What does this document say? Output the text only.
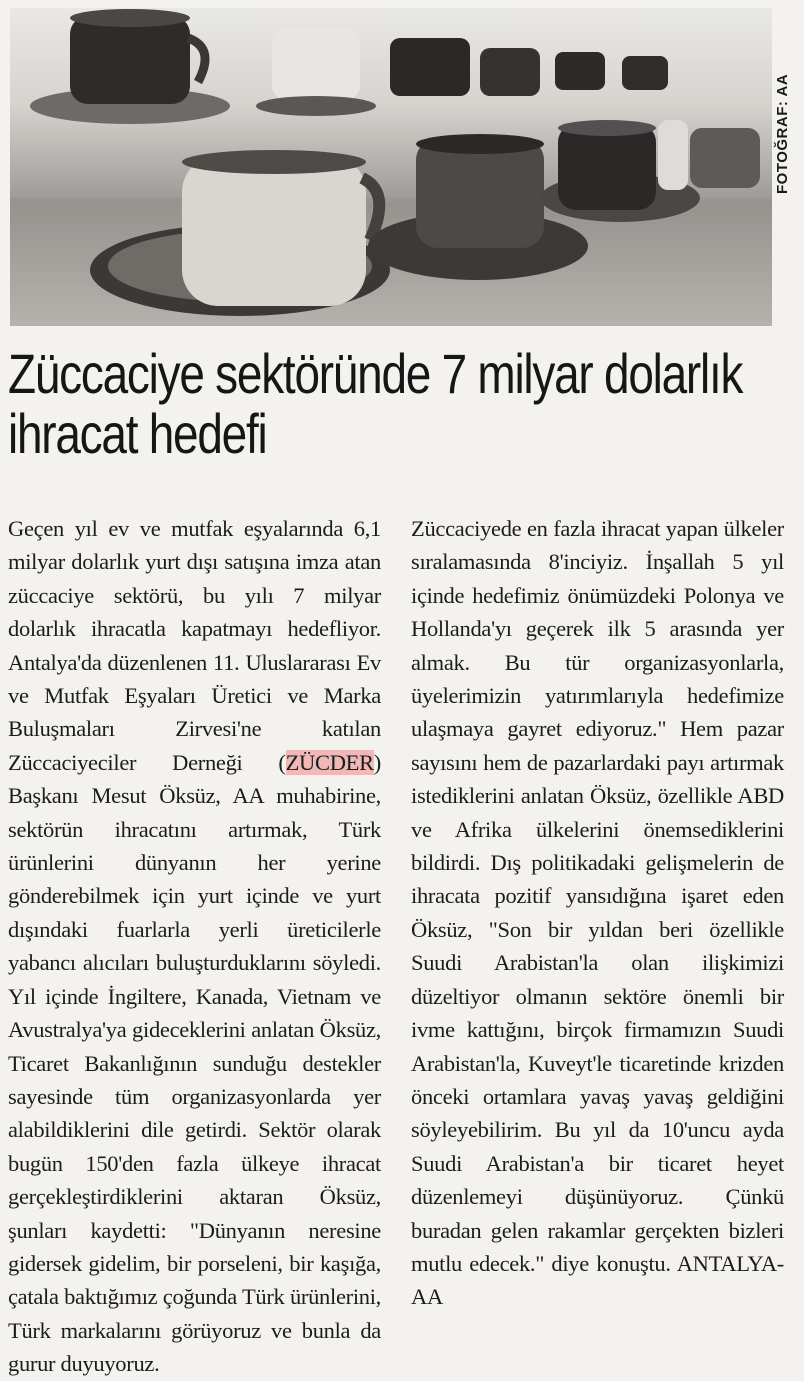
FOTOĞRAF: AA
Züccaciye sektöründe 7 milyar dolarlık ihracat hedefi

Geçen yıl ev ve mutfak eşyalarında 6,1 milyar dolarlık yurt dışı satışına imza atan züccaciye sektörü, bu yılı 7 milyar dolarlık ihracatla kapatmayı hedefliyor. Antalya'da düzenlenen 11. Uluslararası Ev ve Mutfak Eşyaları Üretici ve Marka Buluşmaları Zirvesi'ne katılan Züccaciyeciler Derneği (ZÜCDER) Başkanı Mesut Öksüz, AA muhabirine, sektörün ihracatını artırmak, Türk ürünlerini dünyanın her yerine gönderebilmek için yurt içinde ve yurt dışındaki fuarlarla yerli üreticilerle yabancı alıcıları buluşturduklarını söyledi. Yıl içinde İngiltere, Kanada, Vietnam ve Avustralya'ya gideceklerini anlatan Öksüz, Ticaret Bakanlığının sunduğu destekler sayesinde tüm organizasyonlarda yer alabildiklerini dile getirdi. Sektör olarak bugün 150'den fazla ülkeye ihracat gerçekleştirdiklerini aktaran Öksüz, şunları kaydetti: "Dünyanın neresine gidersek gidelim, bir porseleni, bir kaşığa, çatala baktığımız çoğunda Türk ürünlerini, Türk markalarını görüyoruz ve bunla da gurur duyuyoruz.

Züccaciyede en fazla ihracat yapan ülkeler sıralamasında 8'inciyiz. İnşallah 5 yıl içinde hedefimiz önümüzdeki Polonya ve Hollanda'yı geçerek ilk 5 arasında yer almak. Bu tür organizasyonlarla, üyelerimizin yatırımlarıyla hedefimize ulaşmaya gayret ediyoruz." Hem pazar sayısını hem de pazarlardaki payı artırmak istediklerini anlatan Öksüz, özellikle ABD ve Afrika ülkelerini önemsediklerini bildirdi. Dış politikadaki gelişmelerin de ihracata pozitif yansıdığına işaret eden Öksüz, "Son bir yıldan beri özellikle Suudi Arabistan'la olan ilişkimizi düzeltiyor olmanın sektöre önemli bir ivme kattığını, birçok firmamızın Suudi Arabistan'la, Kuveyt'le ticaretinde krizden önceki ortamlara yavaş yavaş geldiğini söyleyebilirim. Bu yıl da 10'uncu ayda Suudi Arabistan'a bir ticaret heyet düzenlemeyi düşünüyoruz. Çünkü buradan gelen rakamlar gerçekten bizleri mutlu edecek." diye konuştu. ANTALYA-AA
